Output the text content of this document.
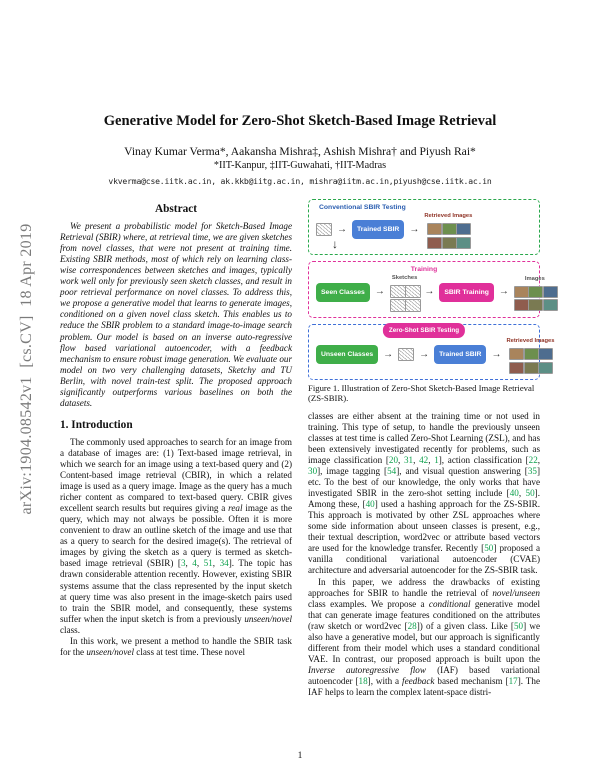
arXiv:1904.08542v1  [cs.CV]  18 Apr 2019
Generative Model for Zero-Shot Sketch-Based Image Retrieval
Vinay Kumar Verma*, Aakansha Mishra‡, Ashish Mishra† and Piyush Rai*
*IIT-Kanpur, ‡IIT-Guwahati, †IIT-Madras
vkverma@cse.iitk.ac.in, ak.kkb@iitg.ac.in, mishra@iitm.ac.in,piyush@cse.iitk.ac.in
Abstract

We present a probabilistic model for Sketch-Based Image Retrieval (SBIR) where, at retrieval time, we are given sketches from novel classes, that were not present at training time. Existing SBIR methods, most of which rely on learning class-wise correspondences between sketches and images, typically work well only for previously seen sketch classes, and result in poor retrieval performance on novel classes. To address this, we propose a generative model that learns to generate images, conditioned on a given novel class sketch. This enables us to reduce the SBIR problem to a standard image-to-image search problem. Our model is based on an inverse auto-regressive flow based variational autoencoder, with a feedback mechanism to ensure robust image generation. We evaluate our model on two very challenging datasets, Sketchy and TU Berlin, with novel train-test split. The proposed approach significantly outperforms various baselines on both the datasets.

1. Introduction

The commonly used approaches to search for an image from a database of images are: (1) Text-based image retrieval, in which we search for an image using a text-based query and (2) Content-based image retrieval (CBIR), in which a related image is used as a query image. Image as the query has a much richer content as compared to text-based query. CBIR gives excellent search results but requires giving a real image as the query, which may not always be possible. Often it is more convenient to draw an outline sketch of the image and use that as a query to search for the desired image(s). The retrieval of images by giving the sketch as a query is termed as sketch-based image retrieval (SBIR) [3, 4, 51, 34]. The topic has drawn considerable attention recently. However, existing SBIR systems assume that the class represented by the input sketch at query time was also present in the image-sketch pairs used to train the SBIR model, and consequently, these systems suffer when the input sketch is from a previously unseen/novel class.

In this work, we present a method to handle the SBIR task for the unseen/novel class at test time. These novel

↓
Conventional SBIR Testing
→
Trained SBIR
→
Retrieved Images
Training
Seen Classes
→
Sketches
→
SBIR Training
→
Images
Zero-Shot SBIR Testing
Unseen Classes → →	Trained SBIR
→
Retrieved Images
Figure 1. Illustration of Zero-Shot Sketch-Based Image Retrieval (ZS-SBIR).

classes are either absent at the training time or not used in training. This type of setup, to handle the previously unseen classes at test time is called Zero-Shot Learning (ZSL), and has been extensively investigated recently for problems, such as image classification [20, 31, 42, 1], action classification [22, 30], image tagging [54], and visual question answering [35] etc. To the best of our knowledge, the only works that have investigated SBIR in the zero-shot setting include [40, 50]. Among these, [40] used a hashing approach for the ZS-SBIR. This approach is motivated by other ZSL approaches where some side information about unseen classes is present, e.g., their textual description, word2vec or attribute based vectors are used for the knowledge transfer. Recently [50] proposed a vanilla conditional variational autoencoder (CVAE) architecture and adversarial autoencoder for the ZS-SBIR task.

In this paper, we address the drawbacks of existing approaches for SBIR to handle the retrieval of novel/unseen class examples. We propose a conditional generative model that can generate image features conditioned on the attributes (raw sketch or word2vec [28]) of a given class. Like [50] we also have a generative model, but our approach is significantly different from their model which uses a standard conditional VAE. In contrast, our proposed approach is built upon the Inverse autoregressive flow (IAF) based variational autoencoder [18], with a feedback based mechanism [17]. The IAF helps to learn the complex latent-space distri-

1
